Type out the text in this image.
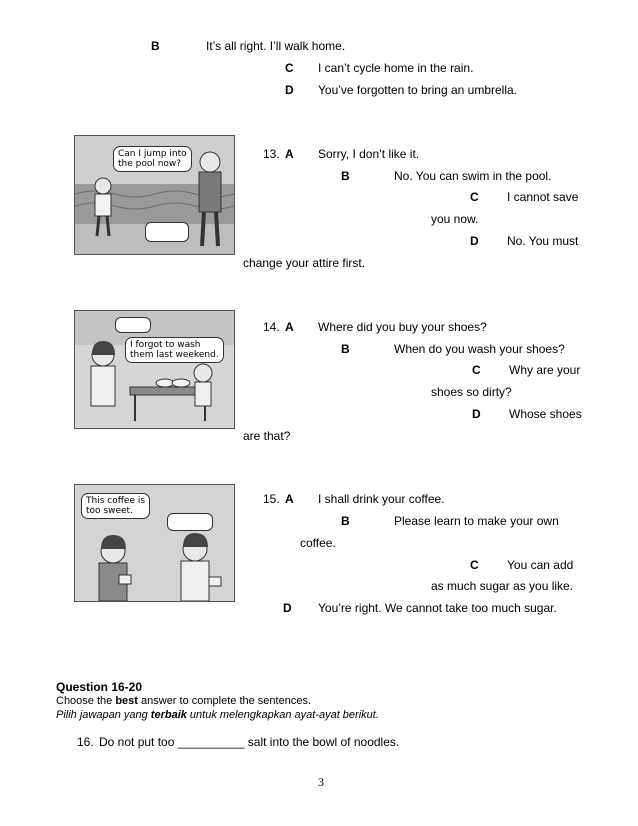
B	It’s all right. I’ll walk home.
C I can’t cycle home in the rain.
D You’ve forgotten to bring an umbrella.
Can I jump into
the pool now?
13. A Sorry, I don’t like it.
B	No. You can swim in the pool.
C I cannot save
you now.
D No. You must
change your attire first.
I forgot to wash
them last weekend.
14. A Where did you buy your shoes?
B	When do you wash your shoes?
C Why are your
shoes so dirty?
D Whose shoes
are that?
This coffee is
too sweet.
15. A I shall drink your coffee.
B	Please learn to make your own
coffee.
C You can add
as much sugar as you like.
D You’re right. We cannot take too much sugar.
Question 16-20
Choose the best answer to complete the sentences.
Pilih jawapan yang terbaik untuk melengkapkan ayat-ayat berikut.
16. Do not put too __________ salt into the bowl of noodles.
3
